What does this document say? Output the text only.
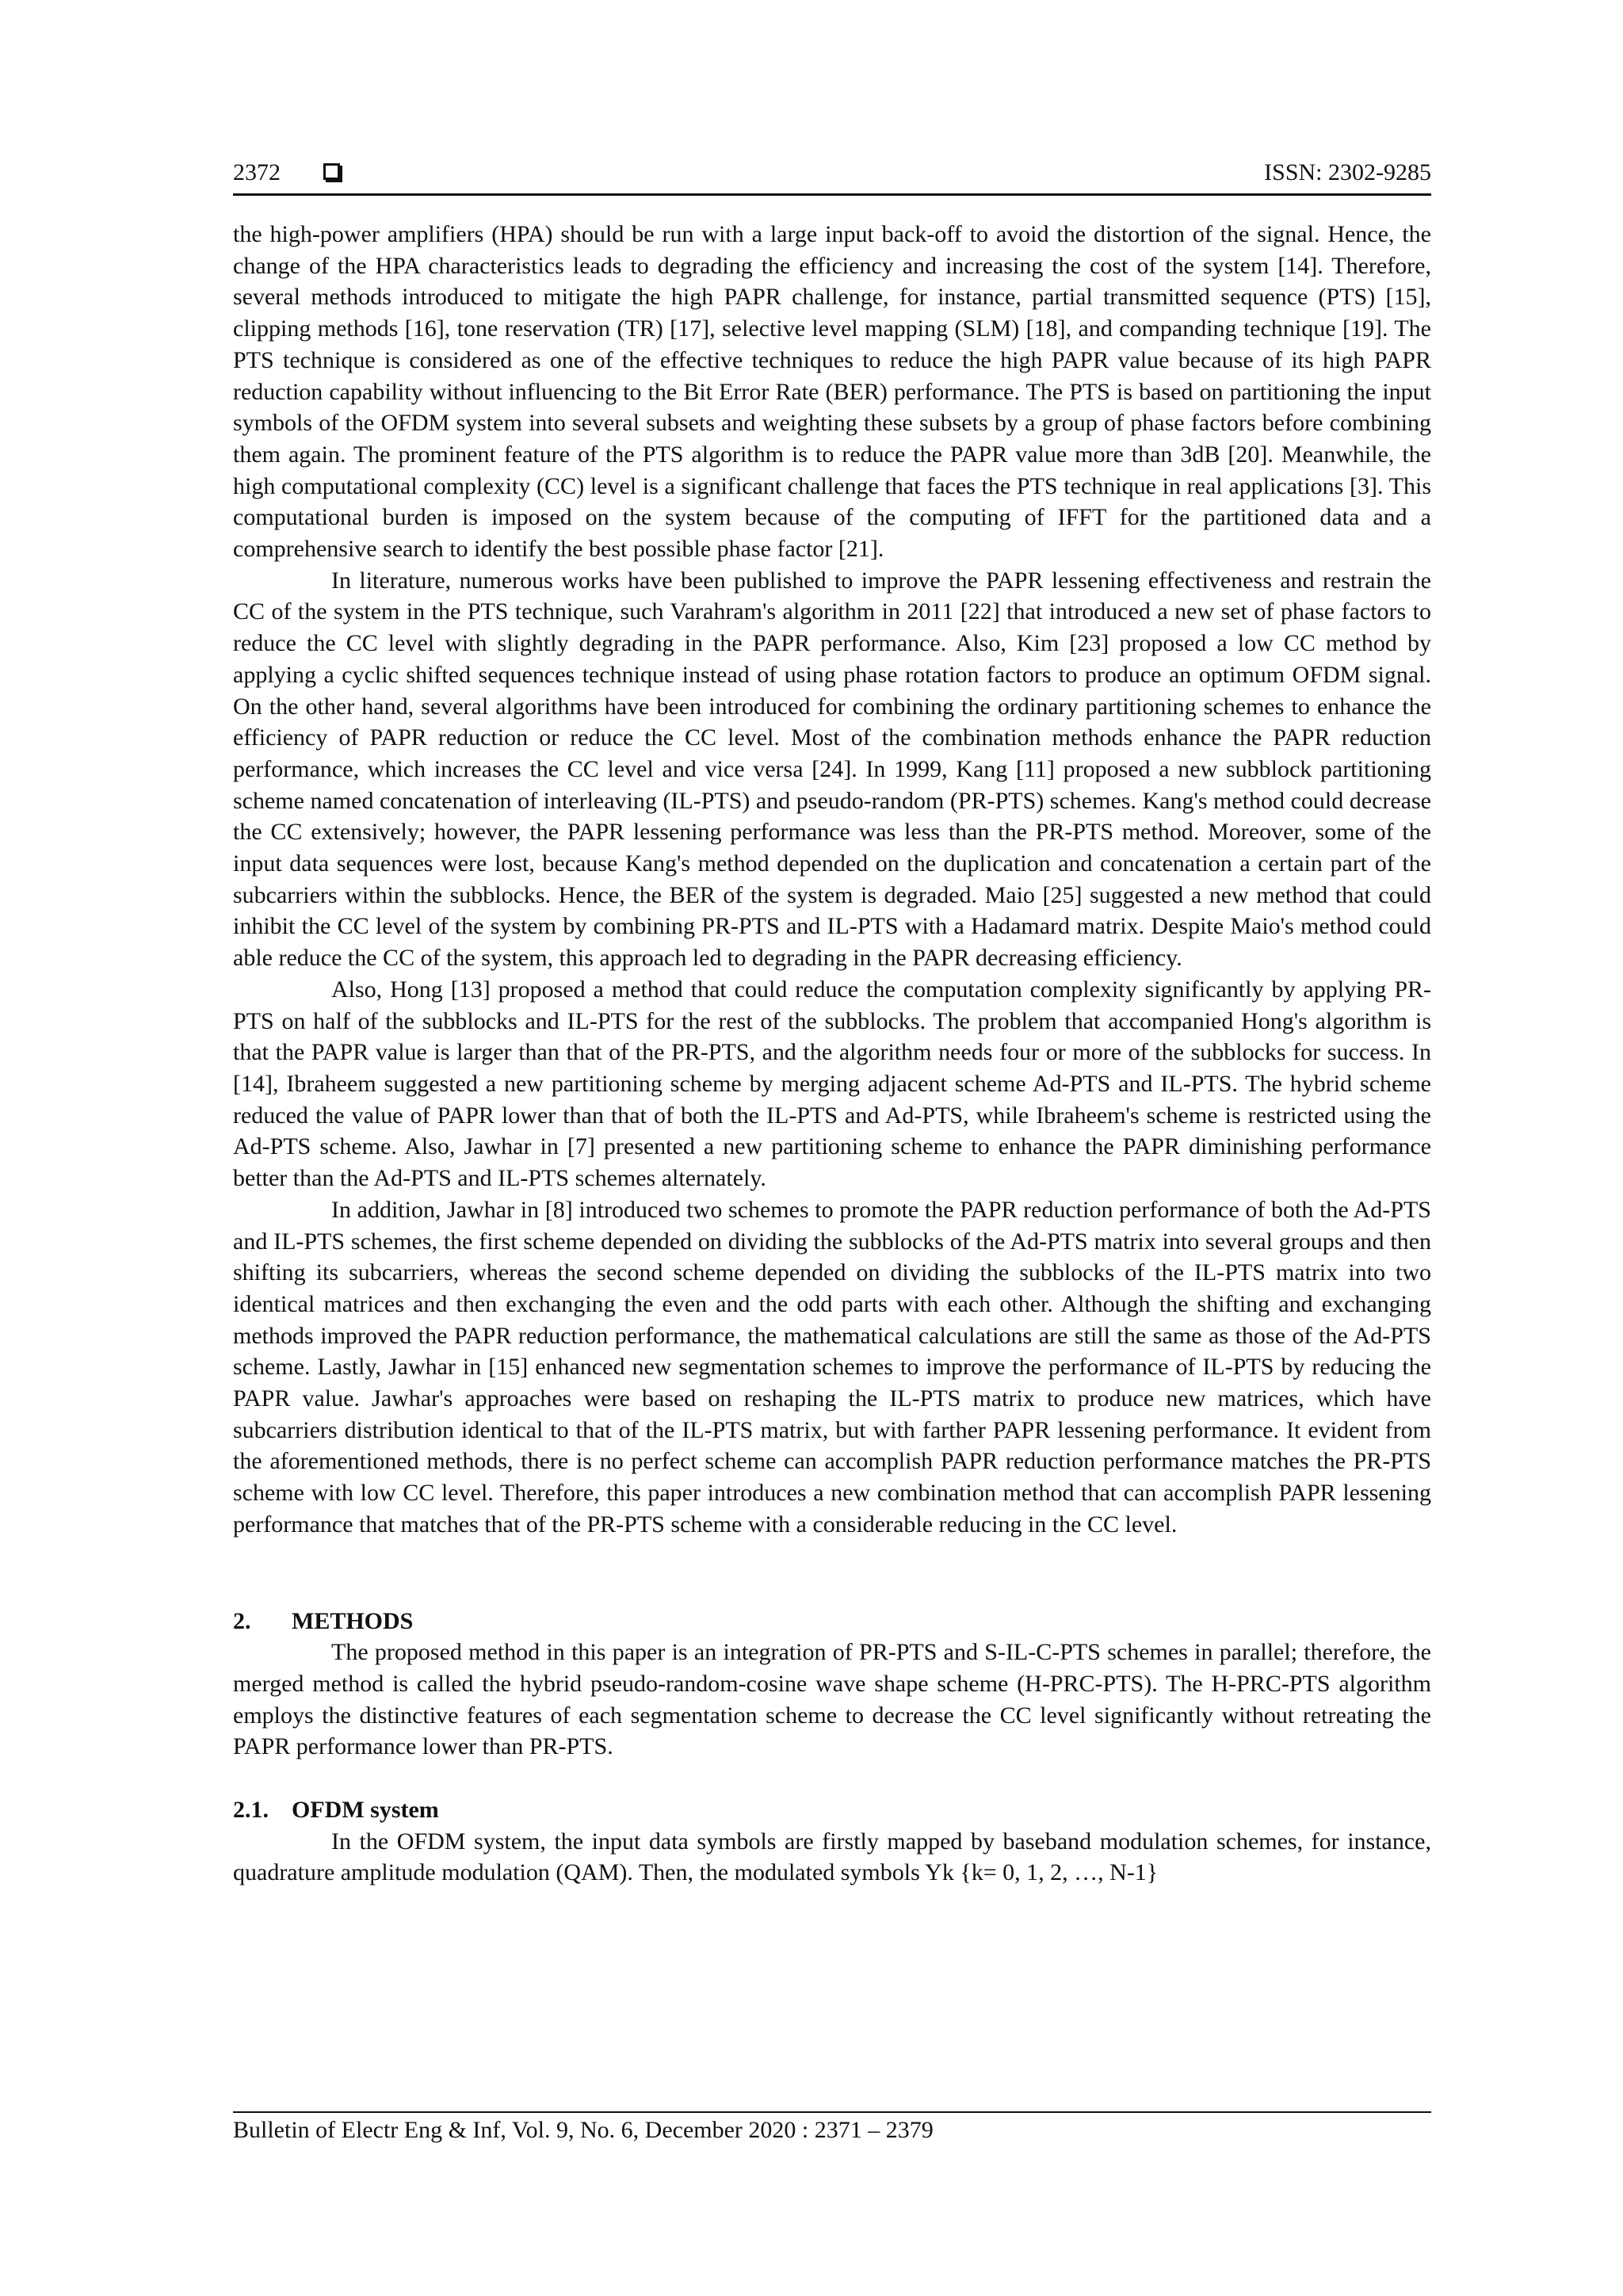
2372	ISSN: 2302-9285

the high-power amplifiers (HPA) should be run with a large input back-off to avoid the distortion of the signal. Hence, the change of the HPA characteristics leads to degrading the efficiency and increasing the cost of the system [14]. Therefore, several methods introduced to mitigate the high PAPR challenge, for instance, partial transmitted sequence (PTS) [15], clipping methods [16], tone reservation (TR) [17], selective level mapping (SLM) [18], and companding technique [19]. The PTS technique is considered as one of the effective techniques to reduce the high PAPR value because of its high PAPR reduction capability without influencing to the Bit Error Rate (BER) performance. The PTS is based on partitioning the input symbols of the OFDM system into several subsets and weighting these subsets by a group of phase factors before combining them again. The prominent feature of the PTS algorithm is to reduce the PAPR value more than 3dB [20]. Meanwhile, the high computational complexity (CC) level is a significant challenge that faces the PTS technique in real applications [3]. This computational burden is imposed on the system because of the computing of IFFT for the partitioned data and a comprehensive search to identify the best possible phase factor [21].

In literature, numerous works have been published to improve the PAPR lessening effectiveness and restrain the CC of the system in the PTS technique, such Varahram's algorithm in 2011 [22] that introduced a new set of phase factors to reduce the CC level with slightly degrading in the PAPR performance. Also, Kim [23] proposed a low CC method by applying a cyclic shifted sequences technique instead of using phase rotation factors to produce an optimum OFDM signal. On the other hand, several algorithms have been introduced for combining the ordinary partitioning schemes to enhance the efficiency of PAPR reduction or reduce the CC level. Most of the combination methods enhance the PAPR reduction performance, which increases the CC level and vice versa [24]. In 1999, Kang [11] proposed a new subblock partitioning scheme named concatenation of interleaving (IL-PTS) and pseudo-random (PR-PTS) schemes. Kang's method could decrease the CC extensively; however, the PAPR lessening performance was less than the PR-PTS method. Moreover, some of the input data sequences were lost, because Kang's method depended on the duplication and concatenation a certain part of the subcarriers within the subblocks. Hence, the BER of the system is degraded. Maio [25] suggested a new method that could inhibit the CC level of the system by combining PR-PTS and IL-PTS with a Hadamard matrix. Despite Maio's method could able reduce the CC of the system, this approach led to degrading in the PAPR decreasing efficiency.

Also, Hong [13] proposed a method that could reduce the computation complexity significantly by applying PR-PTS on half of the subblocks and IL-PTS for the rest of the subblocks. The problem that accompanied Hong's algorithm is that the PAPR value is larger than that of the PR-PTS, and the algorithm needs four or more of the subblocks for success. In [14], Ibraheem suggested a new partitioning scheme by merging adjacent scheme Ad-PTS and IL-PTS. The hybrid scheme reduced the value of PAPR lower than that of both the IL-PTS and Ad-PTS, while Ibraheem's scheme is restricted using the Ad-PTS scheme. Also, Jawhar in [7] presented a new partitioning scheme to enhance the PAPR diminishing performance better than the Ad-PTS and IL-PTS schemes alternately.

In addition, Jawhar in [8] introduced two schemes to promote the PAPR reduction performance of both the Ad-PTS and IL-PTS schemes, the first scheme depended on dividing the subblocks of the Ad-PTS matrix into several groups and then shifting its subcarriers, whereas the second scheme depended on dividing the subblocks of the IL-PTS matrix into two identical matrices and then exchanging the even and the odd parts with each other. Although the shifting and exchanging methods improved the PAPR reduction performance, the mathematical calculations are still the same as those of the Ad-PTS scheme. Lastly, Jawhar in [15] enhanced new segmentation schemes to improve the performance of IL-PTS by reducing the PAPR value. Jawhar's approaches were based on reshaping the IL-PTS matrix to produce new matrices, which have subcarriers distribution identical to that of the IL-PTS matrix, but with farther PAPR lessening performance. It evident from the aforementioned methods, there is no perfect scheme can accomplish PAPR reduction performance matches the PR-PTS scheme with low CC level. Therefore, this paper introduces a new combination method that can accomplish PAPR lessening performance that matches that of the PR-PTS scheme with a considerable reducing in the CC level.

2. METHODS

The proposed method in this paper is an integration of PR-PTS and S-IL-C-PTS schemes in parallel; therefore, the merged method is called the hybrid pseudo-random-cosine wave shape scheme (H-PRC-PTS). The H-PRC-PTS algorithm employs the distinctive features of each segmentation scheme to decrease the CC level significantly without retreating the PAPR performance lower than PR-PTS.

2.1. OFDM system

In the OFDM system, the input data symbols are firstly mapped by baseband modulation schemes, for instance, quadrature amplitude modulation (QAM). Then, the modulated symbols Yk {k= 0, 1, 2, …, N-1}

Bulletin of Electr Eng & Inf, Vol. 9, No. 6, December 2020 : 2371 – 2379
